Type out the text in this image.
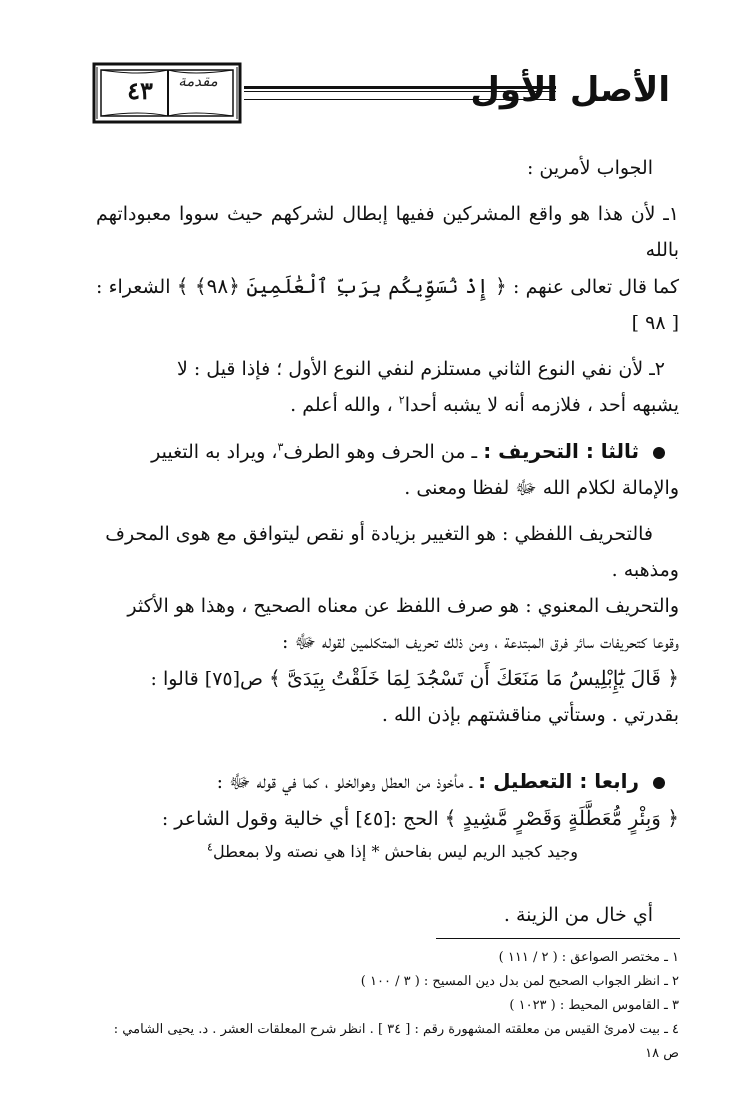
٤٣	مقدمة	الأصل الأول

الجواب لأمرين :

١ـ لأن هذا هو واقع المشركين ففيها إبطال لشركهم حيث سووا معبوداتهم بالله

كما قال تعالى عنهم : ﴿ إِذْ نُسَوِّيكُم بِرَبِّ ٱلْعَٰلَمِينَ ﴿٩٨﴾ ﴾ الشعراء : [ ٩٨ ]

٢ـ لأن نفي النوع الثاني مستلزم لنفي النوع الأول ؛ فإذا قيل : لا

يشبهه أحد ، فلازمه أنه لا يشبه أحدا$^٢$ ، والله أعلم .

ثالثا : التحريف : ـ من الحرف وهو الطرف$^٣$، ويراد به التغيير

والإمالة لكلام الله ﷻ لفظا ومعنى .

فالتحريف اللفظي : هو التغيير بزيادة أو نقص ليتوافق مع هوى المحرف

ومذهبه .

والتحريف المعنوي : هو صرف اللفظ عن معناه الصحيح ، وهذا هو الأكثر

وقوعا كتحريفات سائر فرق المبتدعة ، ومن ذلك تحريف المتكلمين لقوله ﷻ :

﴿ قَالَ يَٰٓإِبْلِيسُ مَا مَنَعَكَ أَن تَسْجُدَ لِمَا خَلَقْتُ بِيَدَىَّ ﴾ ص[٧٥] قالوا :

بقدرتي . وستأتي مناقشتهم بإذن الله .

رابعا : التعطيل : ـ مأخوذ من العطل وهوالخلو ، كما في قوله ﷻ :

﴿ وَبِئْرٍ مُّعَطَّلَةٍ وَقَصْرٍ مَّشِيدٍ ﴾ الحج :[٤٥] أي خالية وقول الشاعر :

وجيد كجيد الريم ليس بفاحش * إذا هي نصته ولا بمعطل$^٤$

أي خال من الزينة .

١ ـ مختصر الصواعق : ( ٢ / ١١١ )

٢ ـ انظر الجواب الصحيح لمن بدل دين المسيح : ( ٣ / ١٠٠ )

٣ ـ القاموس المحيط : ( ١٠٢٣ )

٤ ـ بيت لامرئ القيس من معلقته المشهورة رقم : [ ٣٤ ] . انظر شرح المعلقات العشر . د. يحيى الشامي : ص ١٨
